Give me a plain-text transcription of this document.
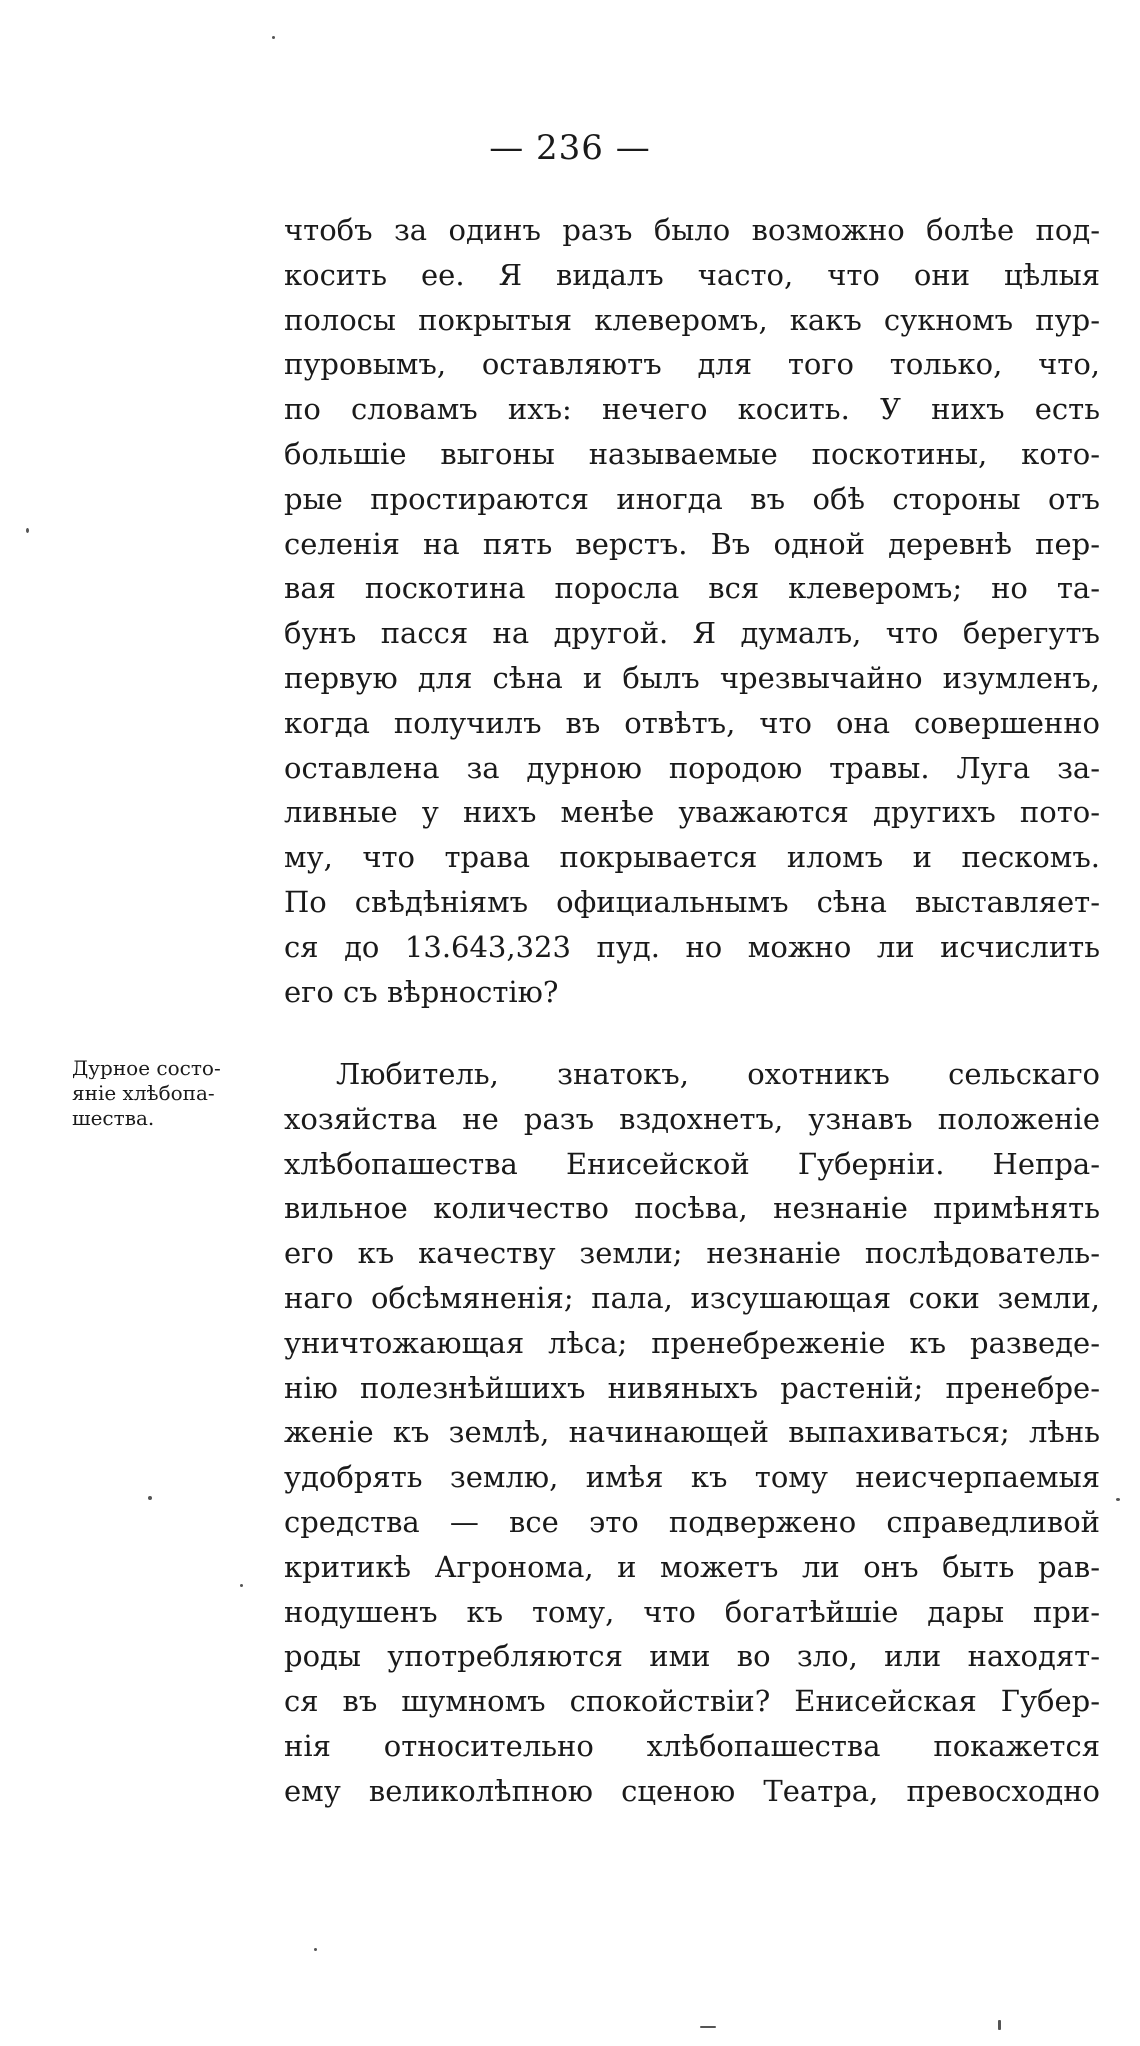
— 236 —
чтобъ за одинъ разъ было возможно болѣе под-
косить ее. Я видалъ часто, что они цѣлыя
полосы покрытыя клеверомъ, какъ сукномъ пур-
пуровымъ, оставляютъ для того только, что,
по словамъ ихъ: нечего косить. У нихъ есть
большіе выгоны называемые поскотины, кото-
рые простираются иногда въ обѣ стороны отъ
селенія на пять верстъ. Въ одной деревнѣ пер-
вая поскотина поросла вся клеверомъ; но та-
бунъ пасся на другой. Я думалъ, что берегутъ
первую для сѣна и былъ чрезвычайно изумленъ,
когда получилъ въ отвѣтъ, что она совершенно
оставлена за дурною породою травы. Луга за-
ливные у нихъ менѣе уважаются другихъ пото-
му, что трава покрывается иломъ и пескомъ.
По свѣдѣніямъ официальнымъ сѣна выставляет-
ся до 13.643,323 пуд. но можно ли исчислить
его съ вѣрностію?
Дурное состо-
яніе хлѣбопа-
шества.
Любитель, знатокъ, охотникъ сельскаго
хозяйства не разъ вздохнетъ, узнавъ положеніе
хлѣбопашества Енисейской Губерніи. Непра-
вильное количество посѣва, незнаніе примѣнять
его къ качеству земли; незнаніе послѣдователь-
наго обсѣмяненія; пала, изсушающая соки земли,
уничтожающая лѣса; пренебреженіе къ разведе-
нію полезнѣйшихъ нивяныхъ растеній; пренебре-
женіе къ землѣ, начинающей выпахиваться; лѣнь
удобрять землю, имѣя къ тому неисчерпаемыя
средства — все это подвержено справедливой
критикѣ Агронома, и можетъ ли онъ быть рав-
нодушенъ къ тому, что богатѣйшіе дары при-
роды употребляются ими во зло, или находят-
ся въ шумномъ спокойствіи? Енисейская Губер-
нія относительно хлѣбопашества покажется
ему великолѣпною сценою Театра, превосходно
